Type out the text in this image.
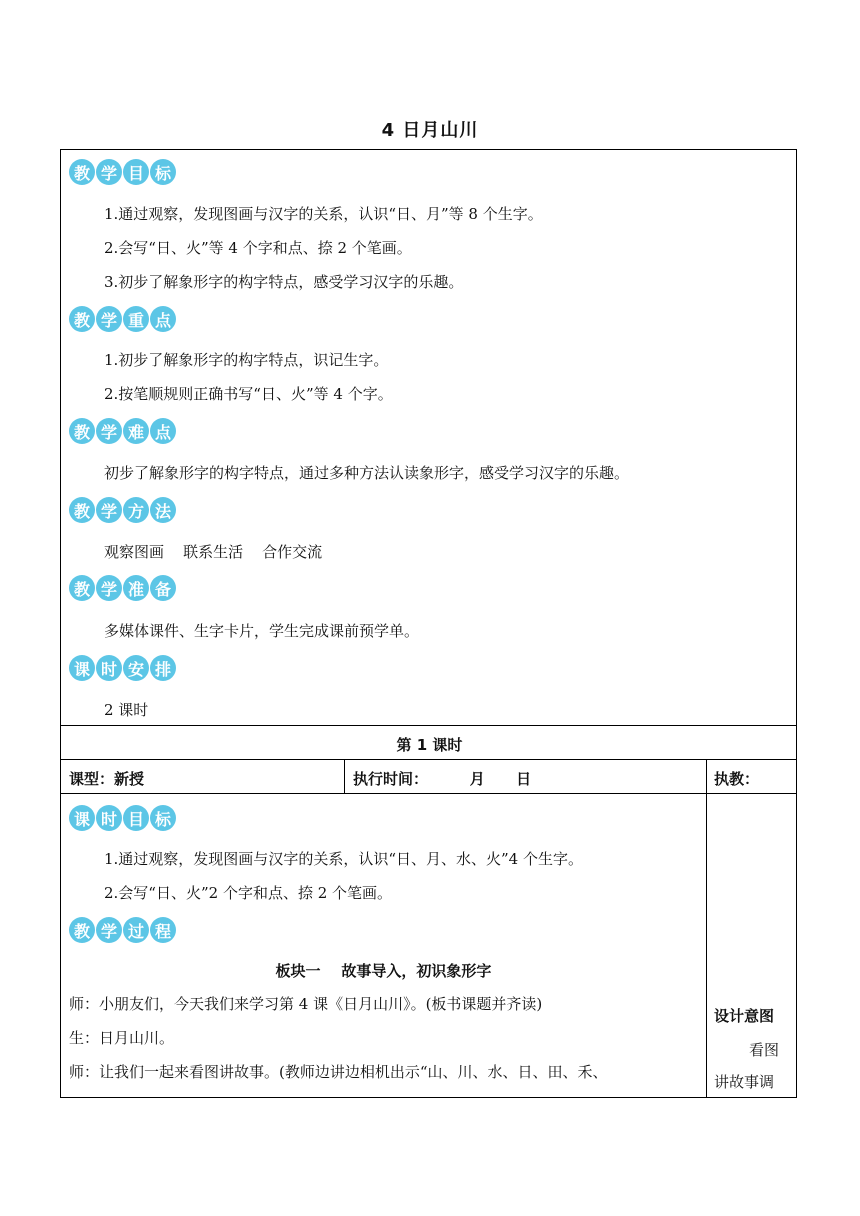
4 日月山川
教 学 目 标
1.通过观察，发现图画与汉字的关系，认识“日、月”等 8 个生字。
2.会写“日、火”等 4 个字和点、捺 2 个笔画。
3.初步了解象形字的构字特点，感受学习汉字的乐趣。
教 学 重 点
1.初步了解象形字的构字特点，识记生字。
2.按笔顺规则正确书写“日、火”等 4 个字。
教 学 难 点
初步了解象形字的构字特点，通过多种方法认读象形字，感受学习汉字的乐趣。
教 学 方 法
观察图画    联系生活    合作交流
教 学 准 备
多媒体课件、生字卡片，学生完成课前预学单。
课 时 安 排
2 课时
第 1 课时
课型：新授	执行时间：        月      日	执教：
课 时 目 标
1.通过观察，发现图画与汉字的关系，认识“日、月、水、火”4 个生字。
2.会写“日、火”2 个字和点、捺 2 个笔画。
教 学 过 程
板块一    故事导入，初识象形字
师：小朋友们，今天我们来学习第 4 课《日月山川》。(板书课题并齐读)
生：日月山川。
师：让我们一起来看图讲故事。(教师边讲边相机出示“山、川、水、日、田、禾、
设计意图
看图
讲故事调
